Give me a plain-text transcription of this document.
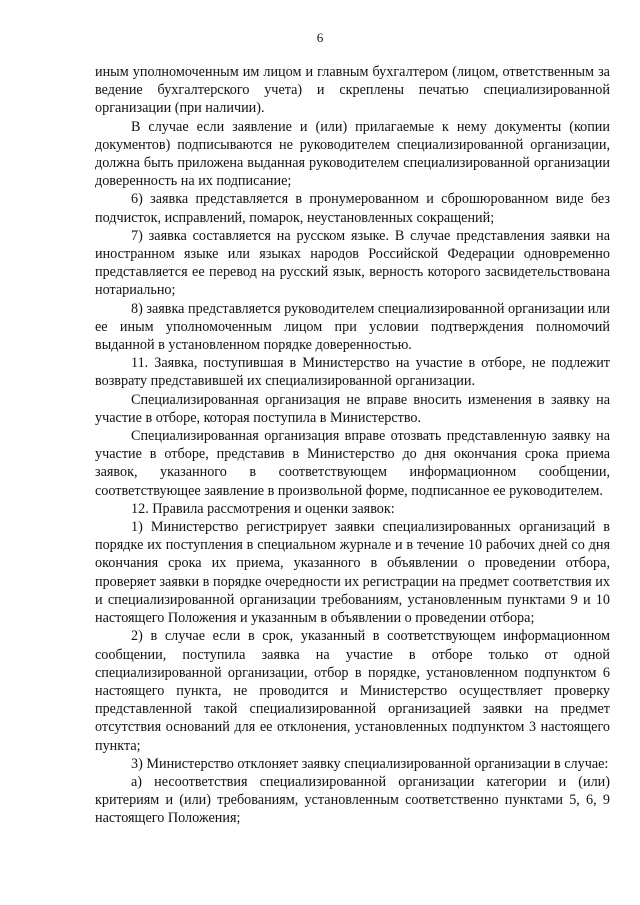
6

иным уполномоченным им лицом и главным бухгалтером (лицом, ответственным за ведение бухгалтерского учета) и скреплены печатью специализированной организации (при наличии).

В случае если заявление и (или) прилагаемые к нему документы (копии документов) подписываются не руководителем специализированной организации, должна быть приложена выданная руководителем специализированной организации доверенность на их подписание;

6) заявка представляется в пронумерованном и сброшюрованном виде без подчисток, исправлений, помарок, неустановленных сокращений;

7) заявка составляется на русском языке. В случае представления заявки на иностранном языке или языках народов Российской Федерации одновременно представляется ее перевод на русский язык, верность которого засвидетельствована нотариально;

8) заявка представляется руководителем специализированной организации или ее иным уполномоченным лицом при условии подтверждения полномочий выданной в установленном порядке доверенностью.

11. Заявка, поступившая в Министерство на участие в отборе, не подлежит возврату представившей их специализированной организации.

Специализированная организация не вправе вносить изменения в заявку на участие в отборе, которая поступила в Министерство.

Специализированная организация вправе отозвать представленную заявку на участие в отборе, представив в Министерство до дня окончания срока приема заявок, указанного в соответствующем информационном сообщении, соответствующее заявление в произвольной форме, подписанное ее руководителем.

12. Правила рассмотрения и оценки заявок:

1) Министерство регистрирует заявки специализированных организаций в порядке их поступления в специальном журнале и в течение 10 рабочих дней со дня окончания срока их приема, указанного в объявлении о проведении отбора, проверяет заявки в порядке очередности их регистрации на предмет соответствия их и специализированной организации требованиям, установленным пунктами 9 и 10 настоящего Положения и указанным в объявлении о проведении отбора;

2) в случае если в срок, указанный в соответствующем информационном сообщении, поступила заявка на участие в отборе только от одной специализированной организации, отбор в порядке, установленном подпунктом 6 настоящего пункта, не проводится и Министерство осуществляет проверку представленной такой специализированной организацией заявки на предмет отсутствия оснований для ее отклонения, установленных подпунктом 3 настоящего пункта;

3) Министерство отклоняет заявку специализированной организации в случае:

а) несоответствия специализированной организации категории и (или) критериям и (или) требованиям, установленным соответственно пунктами 5, 6, 9 настоящего Положения;
